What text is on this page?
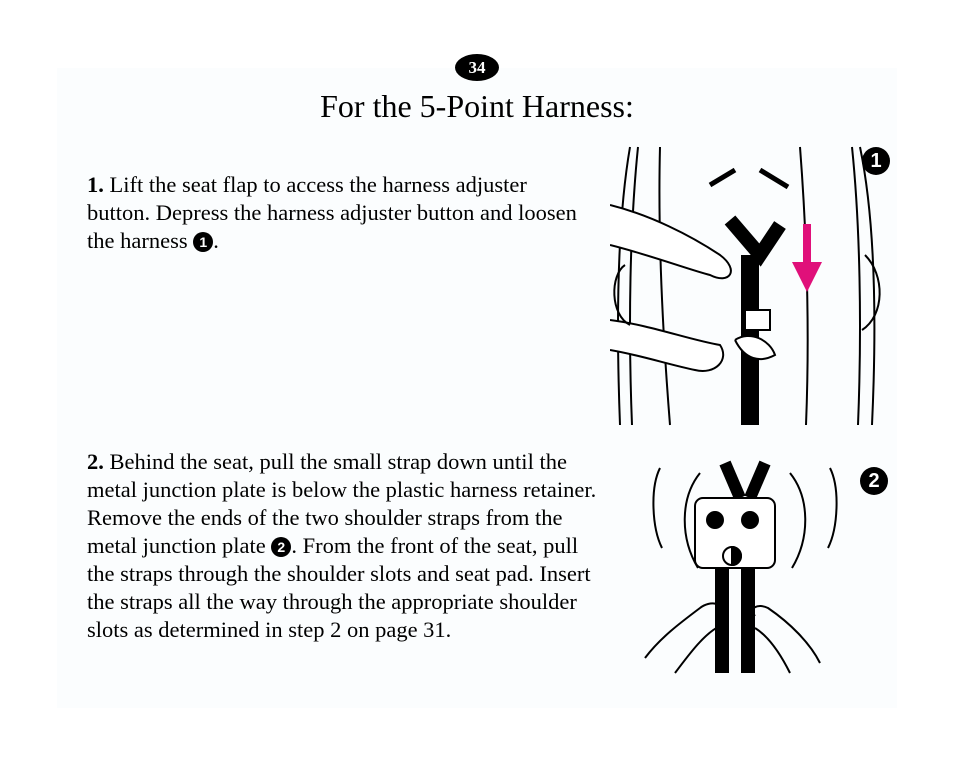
34
For the 5-Point Harness:
1. Lift the seat flap to access the harness adjuster button. Depress the harness adjuster button and loosen the harness 1 .
2. Behind the seat, pull the small strap down until the metal junction plate is below the plastic harness retainer. Remove the ends of the two shoulder straps from the metal junction plate 2 . From the front of the seat, pull the straps through the shoulder slots and seat pad. Insert the straps all the way through the appropriate shoulder slots as determined in step 2 on page 31.
1
2
